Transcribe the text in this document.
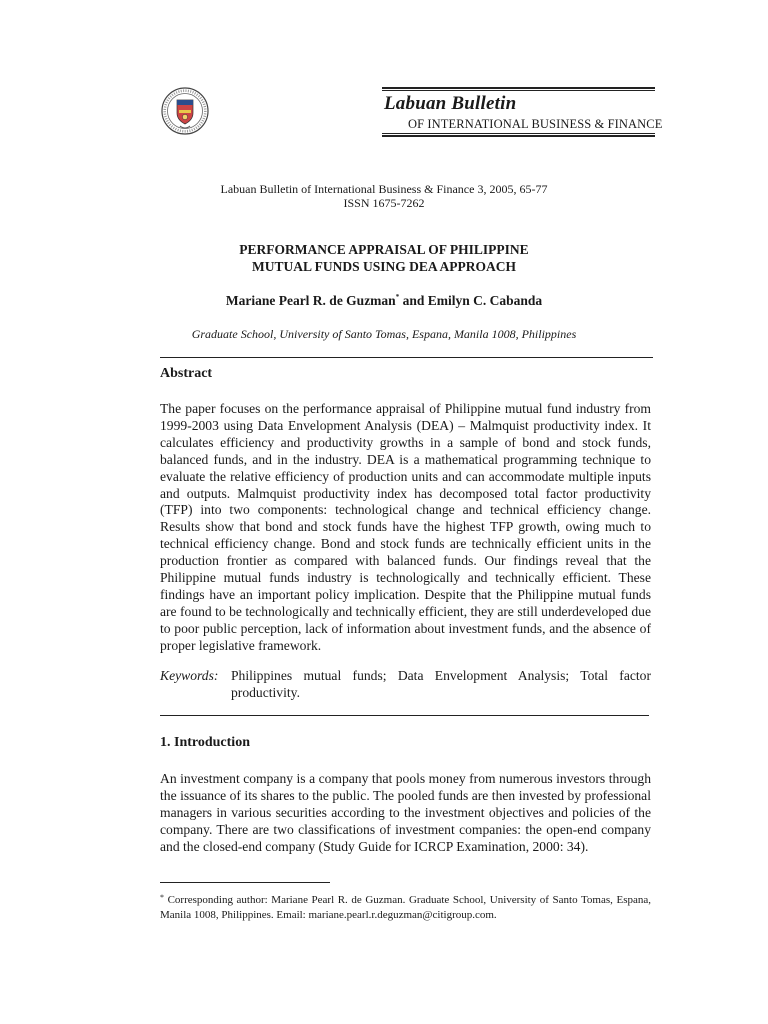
Labuan Bulletin
OF INTERNATIONAL BUSINESS & FINANCE
Labuan Bulletin of International Business & Finance 3, 2005, 65-77
ISSN 1675-7262
PERFORMANCE APPRAISAL OF PHILIPPINE
MUTUAL FUNDS USING DEA APPROACH
Mariane Pearl R. de Guzman* and Emilyn C. Cabanda
Graduate School, University of Santo Tomas, Espana, Manila 1008, Philippines
Abstract
The paper focuses on the performance appraisal of Philippine mutual fund industry from 1999-2003 using Data Envelopment Analysis (DEA) – Malmquist productivity index. It calculates efficiency and productivity growths in a sample of bond and stock funds, balanced funds, and in the industry. DEA is a mathematical programming technique to evaluate the relative efficiency of production units and can accommodate multiple inputs and outputs. Malmquist productivity index has decomposed total factor productivity (TFP) into two components: technological change and technical efficiency change. Results show that bond and stock funds have the highest TFP growth, owing much to technical efficiency change. Bond and stock funds are technically efficient units in the production frontier as compared with balanced funds. Our findings reveal that the Philippine mutual funds industry is technologically and technically efficient. These findings have an important policy implication. Despite that the Philippine mutual funds are found to be technologically and technically efficient, they are still underdeveloped due to poor public perception, lack of information about investment funds, and the absence of proper legislative framework.
Keywords: Philippines mutual funds; Data Envelopment Analysis; Total factor productivity.
1. Introduction
An investment company is a company that pools money from numerous investors through the issuance of its shares to the public. The pooled funds are then invested by professional managers in various securities according to the investment objectives and policies of the company. There are two classifications of investment companies: the open-end company and the closed-end company (Study Guide for ICRCP Examination, 2000: 34).
* Corresponding author: Mariane Pearl R. de Guzman. Graduate School, University of Santo Tomas, Espana, Manila 1008, Philippines. Email: mariane.pearl.r.deguzman@citigroup.com.
